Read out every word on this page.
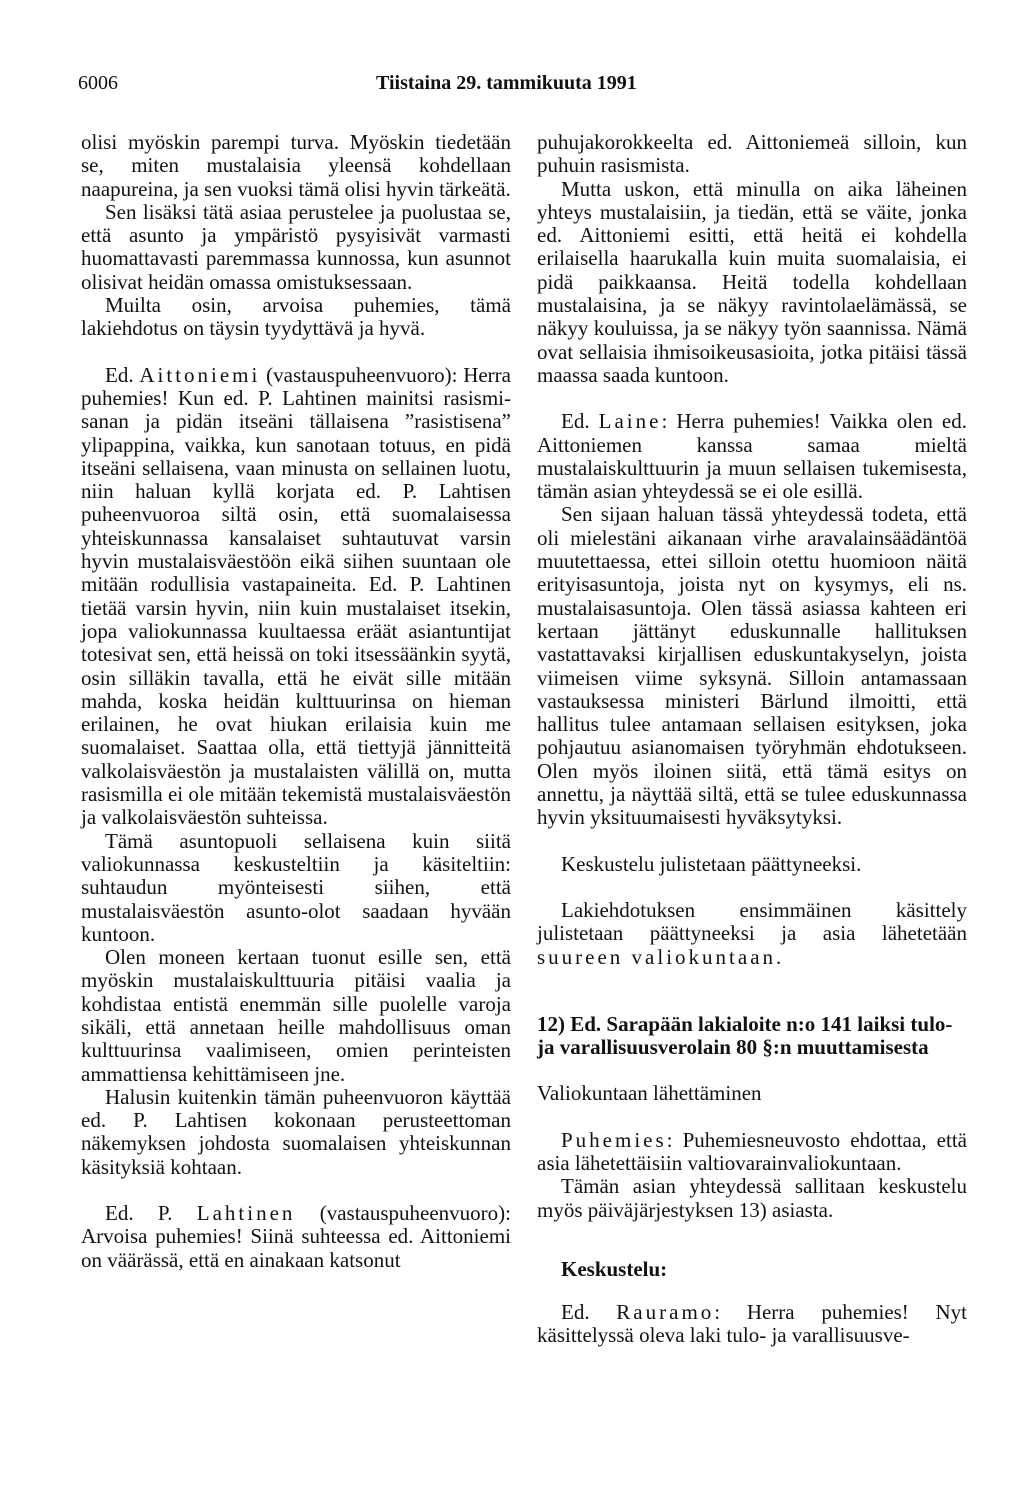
6006	Tiistaina 29. tammikuuta 1991

olisi myöskin parempi turva. Myöskin tiedetään se, miten mustalaisia yleensä kohdellaan naapureina, ja sen vuoksi tämä olisi hyvin tärkeätä.

Sen lisäksi tätä asiaa perustelee ja puolustaa se, että asunto ja ympäristö pysyisivät varmasti huomattavasti paremmassa kunnossa, kun asunnot olisivat heidän omassa omistuksessaan.

Muilta osin, arvoisa puhemies, tämä lakiehdotus on täysin tyydyttävä ja hyvä.

Ed. Aittoniemi (vastauspuheenvuoro): Herra puhemies! Kun ed. P. Lahtinen mainitsi rasismi-sanan ja pidän itseäni tällaisena ”rasistisena” ylipappina, vaikka, kun sanotaan totuus, en pidä itseäni sellaisena, vaan minusta on sellainen luotu, niin haluan kyllä korjata ed. P. Lahtisen puheenvuoroa siltä osin, että suomalaisessa yhteiskunnassa kansalaiset suhtautuvat varsin hyvin mustalaisväestöön eikä siihen suuntaan ole mitään rodullisia vastapaineita. Ed. P. Lahtinen tietää varsin hyvin, niin kuin mustalaiset itsekin, jopa valiokunnassa kuultaessa eräät asiantuntijat totesivat sen, että heissä on toki itsessäänkin syytä, osin silläkin tavalla, että he eivät sille mitään mahda, koska heidän kulttuurinsa on hieman erilainen, he ovat hiukan erilaisia kuin me suomalaiset. Saattaa olla, että tiettyjä jännitteitä valkolaisväestön ja mustalaisten välillä on, mutta rasismilla ei ole mitään tekemistä mustalaisväestön ja valkolaisväestön suhteissa.

Tämä asuntopuoli sellaisena kuin siitä valiokunnassa keskusteltiin ja käsiteltiin: suhtaudun myönteisesti siihen, että mustalaisväestön asunto-olot saadaan hyvään kuntoon.

Olen moneen kertaan tuonut esille sen, että myöskin mustalaiskulttuuria pitäisi vaalia ja kohdistaa entistä enemmän sille puolelle varoja sikäli, että annetaan heille mahdollisuus oman kulttuurinsa vaalimiseen, omien perinteisten ammattiensa kehittämiseen jne.

Halusin kuitenkin tämän puheenvuoron käyttää ed. P. Lahtisen kokonaan perusteettoman näkemyksen johdosta suomalaisen yhteiskunnan käsityksiä kohtaan.

Ed. P. Lahtinen (vastauspuheenvuoro): Arvoisa puhemies! Siinä suhteessa ed. Aittoniemi on väärässä, että en ainakaan katsonut

puhujakorokkeelta ed. Aittoniemeä silloin, kun puhuin rasismista.

Mutta uskon, että minulla on aika läheinen yhteys mustalaisiin, ja tiedän, että se väite, jonka ed. Aittoniemi esitti, että heitä ei kohdella erilaisella haarukalla kuin muita suomalaisia, ei pidä paikkaansa. Heitä todella kohdellaan mustalaisina, ja se näkyy ravintolaelämässä, se näkyy kouluissa, ja se näkyy työn saannissa. Nämä ovat sellaisia ihmisoikeusasioita, jotka pitäisi tässä maassa saada kuntoon.

Ed. Laine: Herra puhemies! Vaikka olen ed. Aittoniemen kanssa samaa mieltä mustalaiskulttuurin ja muun sellaisen tukemisesta, tämän asian yhteydessä se ei ole esillä.

Sen sijaan haluan tässä yhteydessä todeta, että oli mielestäni aikanaan virhe aravalainsäädäntöä muutettaessa, ettei silloin otettu huomioon näitä erityisasuntoja, joista nyt on kysymys, eli ns. mustalaisasuntoja. Olen tässä asiassa kahteen eri kertaan jättänyt eduskunnalle hallituksen vastattavaksi kirjallisen eduskuntakyselyn, joista viimeisen viime syksynä. Silloin antamassaan vastauksessa ministeri Bärlund ilmoitti, että hallitus tulee antamaan sellaisen esityksen, joka pohjautuu asianomaisen työryhmän ehdotukseen. Olen myös iloinen siitä, että tämä esitys on annettu, ja näyttää siltä, että se tulee eduskunnassa hyvin yksituumaisesti hyväksytyksi.

Keskustelu julistetaan päättyneeksi.

Lakiehdotuksen ensimmäinen käsittely julistetaan päättyneeksi ja asia lähetetään suureen valiokuntaan.

12) Ed. Sarapään lakialoite n:o 141 laiksi tulo- ja varallisuusverolain 80 §:n muuttamisesta

Valiokuntaan lähettäminen

Puhemies: Puhemiesneuvosto ehdottaa, että asia lähetettäisiin valtiovarainvaliokuntaan.

Tämän asian yhteydessä sallitaan keskustelu myös päiväjärjestyksen 13) asiasta.

Keskustelu:

Ed. Rauramo: Herra puhemies! Nyt käsittelyssä oleva laki tulo- ja varallisuusve-
